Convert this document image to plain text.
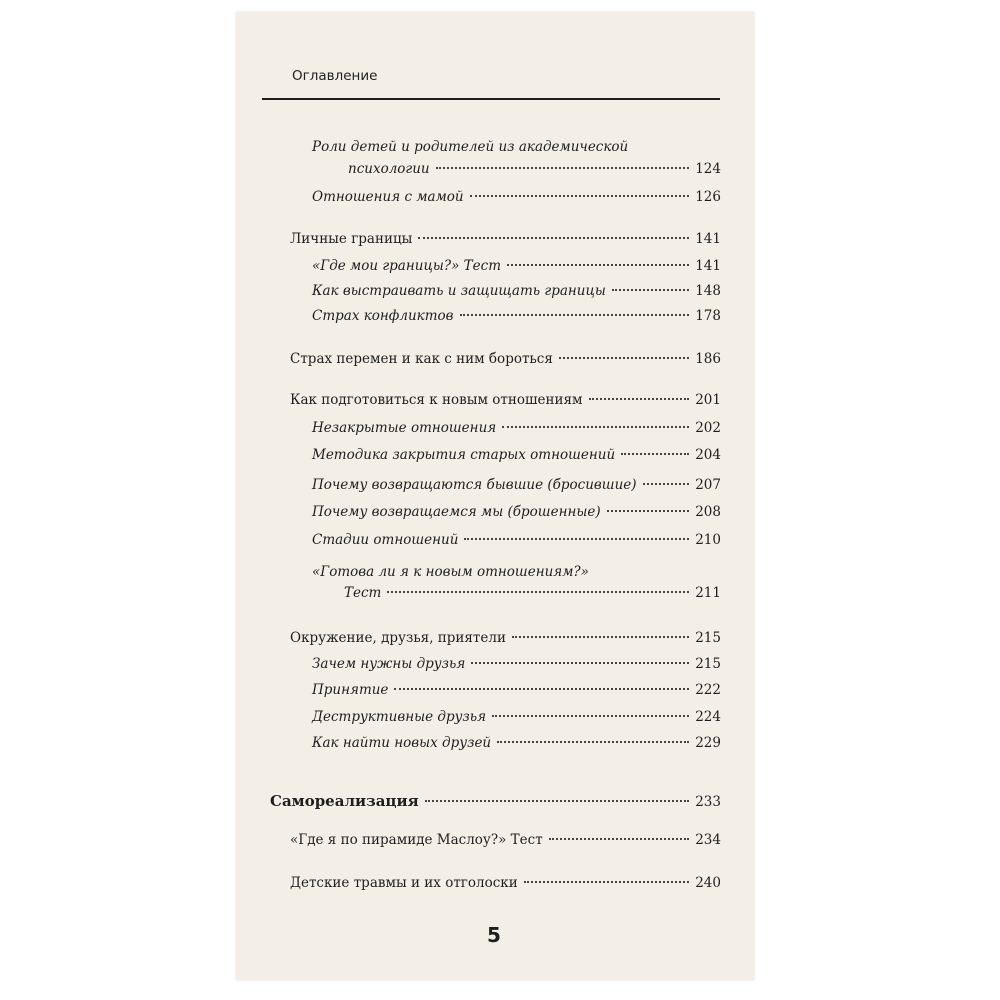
Оглавление
Роли детей и родителей из академической
психологии	124
Отношения с мамой	126
Личные границы	141
«Где мои границы?» Тест	141
Как выстраивать и защищать границы	148
Страх конфликтов	178
Страх перемен и как с ним бороться	186
Как подготовиться к новым отношениям	201
Незакрытые отношения	202
Методика закрытия старых отношений	204
Почему возвращаются бывшие (бросившие)	207
Почему возвращаемся мы (брошенные)	208
Стадии отношений	210
«Готова ли я к новым отношениям?»
Тест	211
Окружение, друзья, приятели	215
Зачем нужны друзья	215
Принятие	222
Деструктивные друзья	224
Как найти новых друзей	229
Самореализация	233
«Где я по пирамиде Маслоу?» Тест	234
Детские травмы и их отголоски	240
5
